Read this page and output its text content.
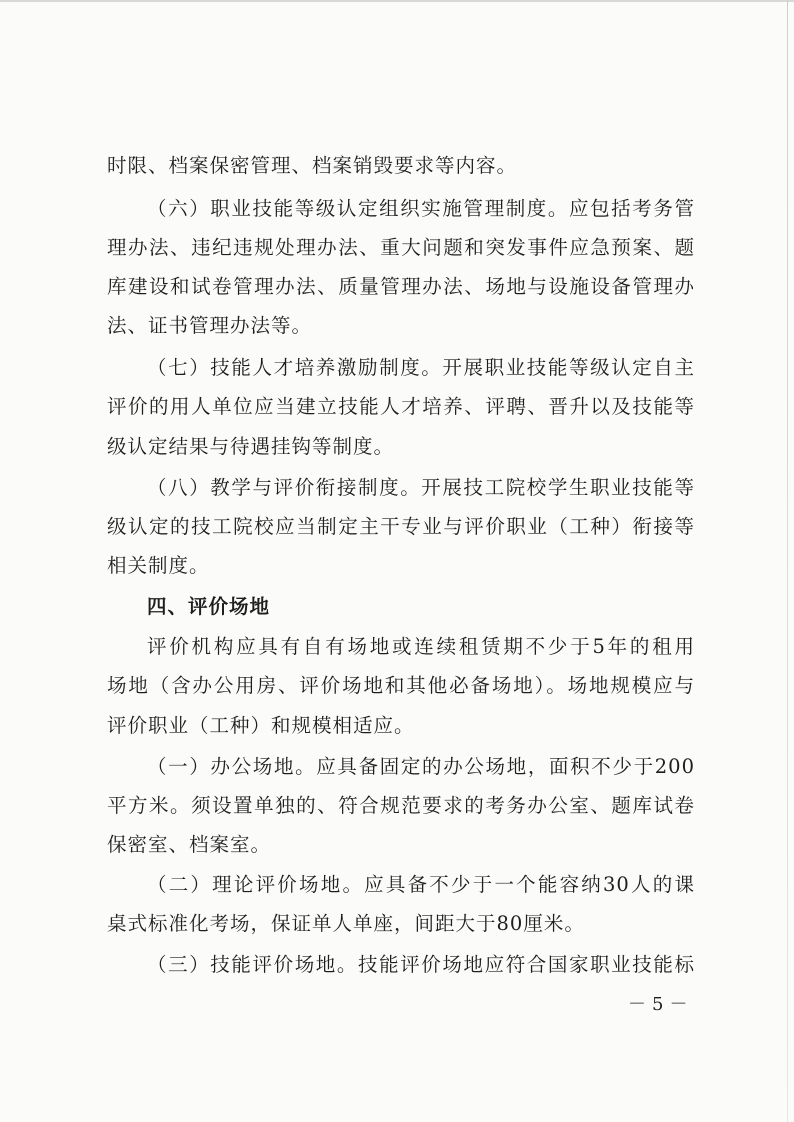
时限、档案保密管理、档案销毁要求等内容。
（六）职业技能等级认定组织实施管理制度。应包括考务管
理办法、违纪违规处理办法、重大问题和突发事件应急预案、题
库建设和试卷管理办法、质量管理办法、场地与设施设备管理办
法、证书管理办法等。
（七）技能人才培养激励制度。开展职业技能等级认定自主
评价的用人单位应当建立技能人才培养、评聘、晋升以及技能等
级认定结果与待遇挂钩等制度。
（八）教学与评价衔接制度。开展技工院校学生职业技能等
级认定的技工院校应当制定主干专业与评价职业（工种）衔接等
相关制度。
四、评价场地
评价机构应具有自有场地或连续租赁期不少于5年的租用
场地（含办公用房、评价场地和其他必备场地）。场地规模应与
评价职业（工种）和规模相适应。
（一）办公场地。应具备固定的办公场地，面积不少于200
平方米。须设置单独的、符合规范要求的考务办公室、题库试卷
保密室、档案室。
（二）理论评价场地。应具备不少于一个能容纳30人的课
桌式标准化考场，保证单人单座，间距大于80厘米。
（三）技能评价场地。技能评价场地应符合国家职业技能标
－5－
